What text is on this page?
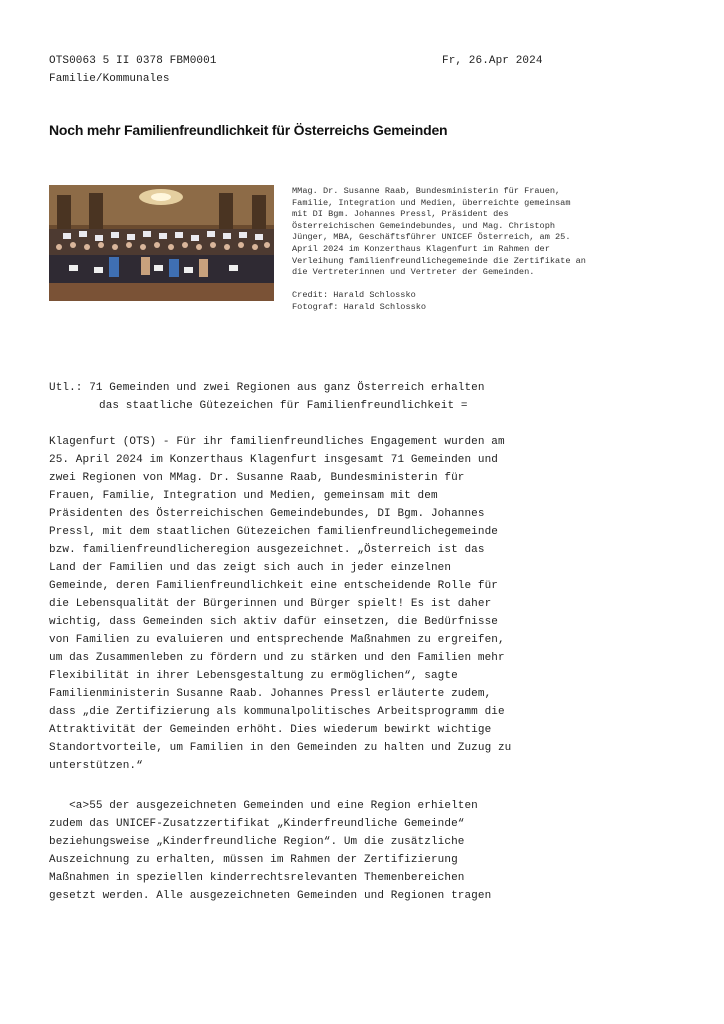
OTS0063 5 II 0378 FBM0001
Familie/Kommunales
Fr, 26.Apr 2024
Noch mehr Familienfreundlichkeit für Österreichs Gemeinden

MMag. Dr. Susanne Raab, Bundesministerin für Frauen,

Familie, Integration und Medien, überreichte gemeinsam

mit DI Bgm. Johannes Pressl, Präsident des

Österreichischen Gemeindebundes, und Mag. Christoph

Jünger, MBA, Geschäftsführer UNICEF Österreich, am 25.

April 2024 im Konzerthaus Klagenfurt im Rahmen der

Verleihung familienfreundlichegemeinde die Zertifikate an

die Vertreterinnen und Vertreter der Gemeinden.

Credit: Harald Schlossko

Fotograf: Harald Schlossko

Utl.: 71 Gemeinden und zwei Regionen aus ganz Österreich erhalten
das staatliche Gütezeichen für Familienfreundlichkeit =
Klagenfurt (OTS) - Für ihr familienfreundliches Engagement wurden am
25. April 2024 im Konzerthaus Klagenfurt insgesamt 71 Gemeinden und
zwei Regionen von MMag. Dr. Susanne Raab, Bundesministerin für
Frauen, Familie, Integration und Medien, gemeinsam mit dem
Präsidenten des Österreichischen Gemeindebundes, DI Bgm. Johannes
Pressl, mit dem staatlichen Gütezeichen familienfreundlichegemeinde
bzw. familienfreundlicheregion ausgezeichnet. „Österreich ist das
Land der Familien und das zeigt sich auch in jeder einzelnen
Gemeinde, deren Familienfreundlichkeit eine entscheidende Rolle für
die Lebensqualität der Bürgerinnen und Bürger spielt! Es ist daher
wichtig, dass Gemeinden sich aktiv dafür einsetzen, die Bedürfnisse
von Familien zu evaluieren und entsprechende Maßnahmen zu ergreifen,
um das Zusammenleben zu fördern und zu stärken und den Familien mehr
Flexibilität in ihrer Lebensgestaltung zu ermöglichen“, sagte
Familienministerin Susanne Raab. Johannes Pressl erläuterte zudem,
dass „die Zertifizierung als kommunalpolitisches Arbeitsprogramm die
Attraktivität der Gemeinden erhöht. Dies wiederum bewirkt wichtige
Standortvorteile, um Familien in den Gemeinden zu halten und Zuzug zu
unterstützen.“
<a>55 der ausgezeichneten Gemeinden und eine Region erhielten
zudem das UNICEF-Zusatzzertifikat „Kinderfreundliche Gemeinde“
beziehungsweise „Kinderfreundliche Region“. Um die zusätzliche
Auszeichnung zu erhalten, müssen im Rahmen der Zertifizierung
Maßnahmen in speziellen kinderrechtsrelevanten Themenbereichen
gesetzt werden. Alle ausgezeichneten Gemeinden und Regionen tragen
